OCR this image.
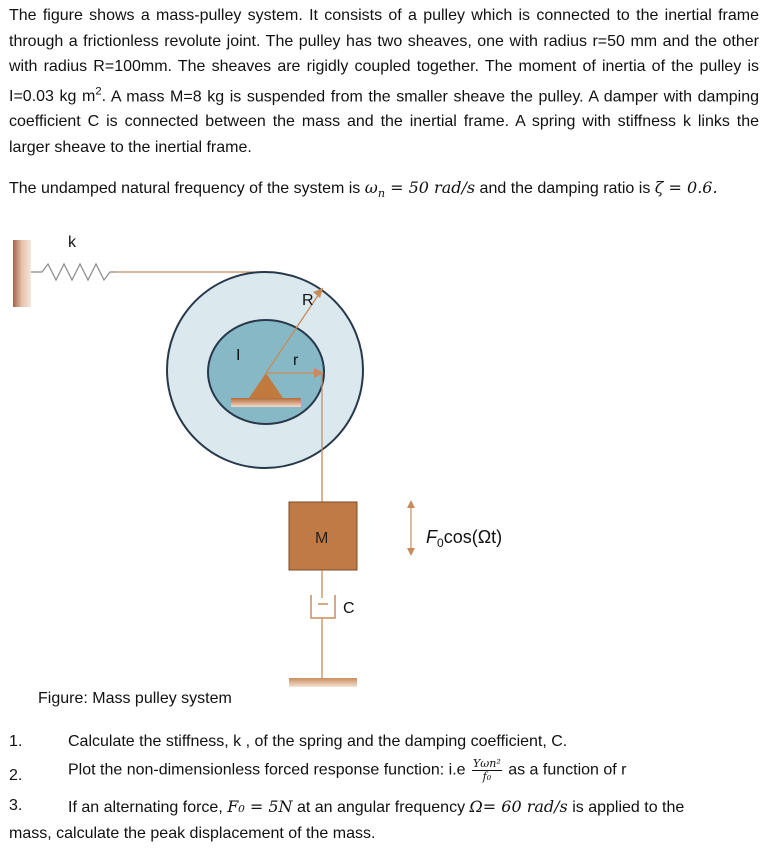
The figure shows a mass-pulley system. It consists of a pulley which is connected to the inertial frame through a frictionless revolute joint. The pulley has two sheaves, one with radius r=50 mm and the other with radius R=100mm. The sheaves are rigidly coupled together. The moment of inertia of the pulley is I=0.03 kg $m^2$. A mass M=8 kg is suspended from the smaller sheave the pulley. A damper with damping coefficient C is connected between the mass and the inertial frame. A spring with stiffness k links the larger sheave to the inertial frame.
The undamped natural frequency of the system is $\omega_n = 50$ rad/s and the damping ratio is ζ = 0.6.
k
R
r
I
M
C
$F_0\cos(\Omega t)$
Figure: Mass pulley system
1.	Calculate the stiffness, k , of the spring and the damping coefficient, C.
2.	Plot the non-dimensionless forced response function: $i.e \frac{\text{Yωn²}}{\text{f₀}}$ as a function of r
3.	If an alternating force, F₀ = 5N at an angular frequency Ω= 60 rad/s is applied to the
mass, calculate the peak displacement of the mass.
